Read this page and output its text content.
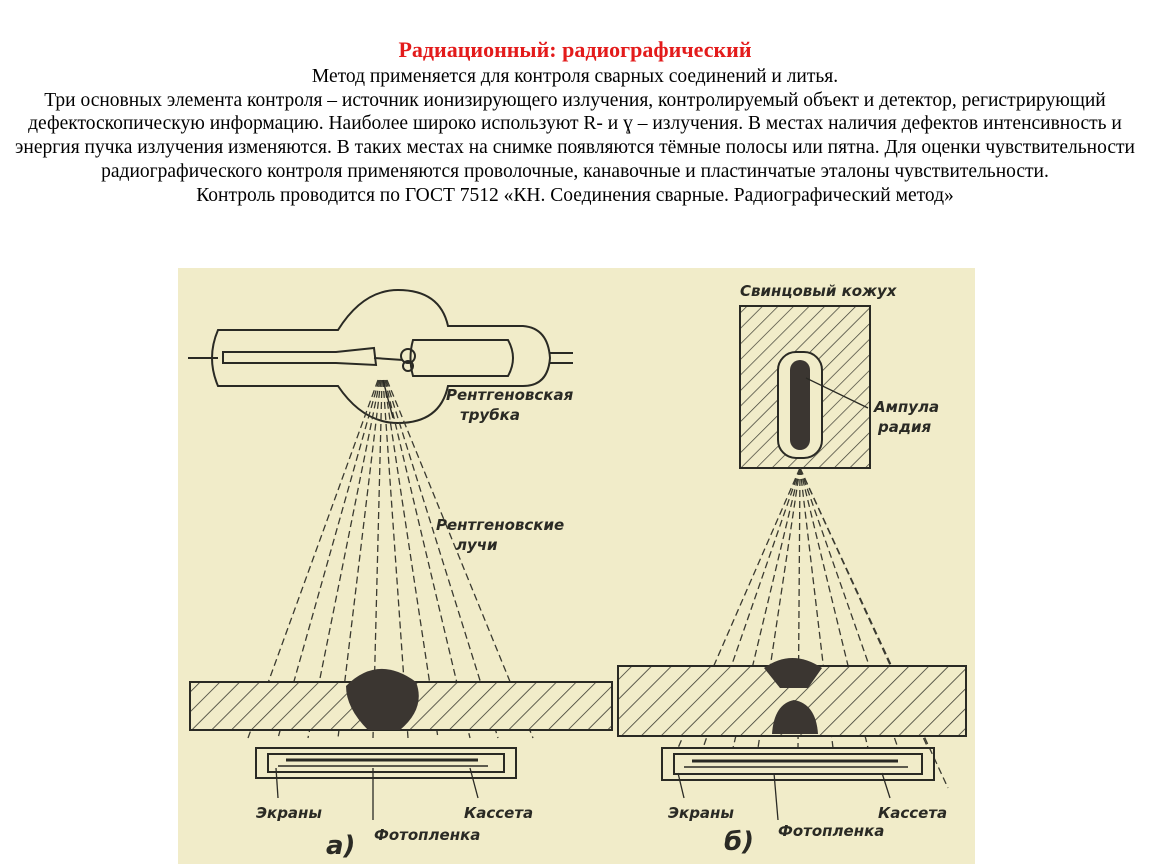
Радиационный: радиографический

Метод применяется для контроля сварных соединений и литья.

Три основных элемента контроля – источник ионизирующего излучения, контролируемый объект и детектор, регистрирующий дефектоскопическую информацию. Наиболее широко используют R- и ɣ – излучения. В местах наличия дефектов интенсивность и энергия пучка излучения изменяются. В таких местах на снимке появляются тёмные полосы или пятна. Для оценки чувствительности радиографического контроля применяются проволочные, канавочные и пластинчатые эталоны чувствительности.

Контроль проводится по ГОСТ 7512 «КН. Соединения сварные. Радиографический метод»

Рентгеновская
трубка
Рентгеновские
лучи
Экраны	Кассета
Фотопленка
а)
Свинцовый кожух
Ампула
радия
Экраны	Кассета
Фотопленка
б)
